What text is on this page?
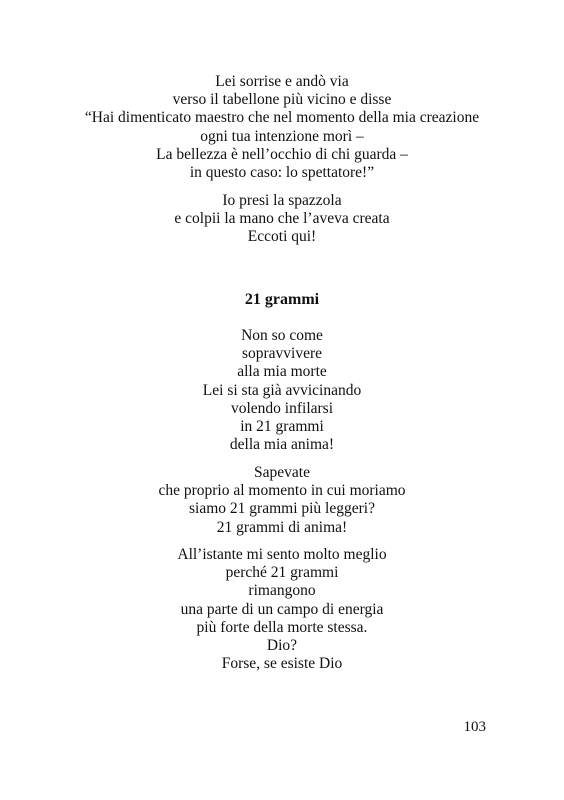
Lei sorrise e andò via
verso il tabellone più vicino e disse
“Hai dimenticato maestro che nel momento della mia creazione
ogni tua intenzione morì –
La bellezza è nell’occhio di chi guarda –
in questo caso: lo spettatore!”
Io presi la spazzola
e colpii la mano che l’aveva creata
Eccoti qui!
21 grammi
Non so come
sopravvivere
alla mia morte
Lei si sta già avvicinando
volendo infilarsi
in 21 grammi
della mia anima!
Sapevate
che proprio al momento in cui moriamo
siamo 21 grammi più leggeri?
21 grammi di anima!
All’istante mi sento molto meglio
perché 21 grammi
rimangono
una parte di un campo di energia
più forte della morte stessa.
Dio?
Forse, se esiste Dio
103
